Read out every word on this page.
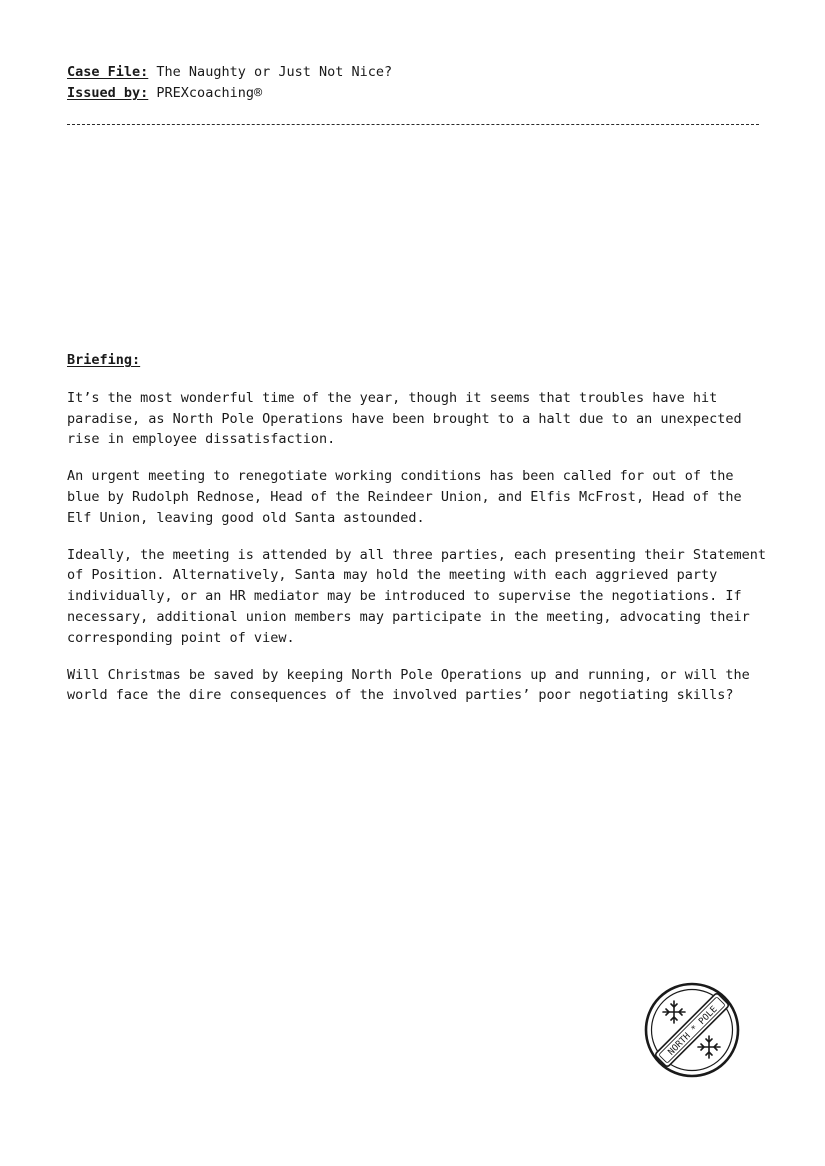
Case File: The Naughty or Just Not Nice?
Issued by: PREXcoaching®
Briefing:

It’s the most wonderful time of the year, though it seems that troubles have hit paradise, as North Pole Operations have been brought to a halt due to an unexpected rise in employee dissatisfaction.

An urgent meeting to renegotiate working conditions has been called for out of the blue by Rudolph Rednose, Head of the Reindeer Union, and Elfis McFrost, Head of the Elf Union, leaving good old Santa astounded.

Ideally, the meeting is attended by all three parties, each presenting their Statement of Position. Alternatively, Santa may hold the meeting with each aggrieved party individually, or an HR mediator may be introduced to supervise the negotiations. If necessary, additional union members may participate in the meeting, advocating their corresponding point of view.

Will Christmas be saved by keeping North Pole Operations up and running, or will the world face the dire consequences of the involved parties’ poor negotiating skills?

NORTH * POLE
